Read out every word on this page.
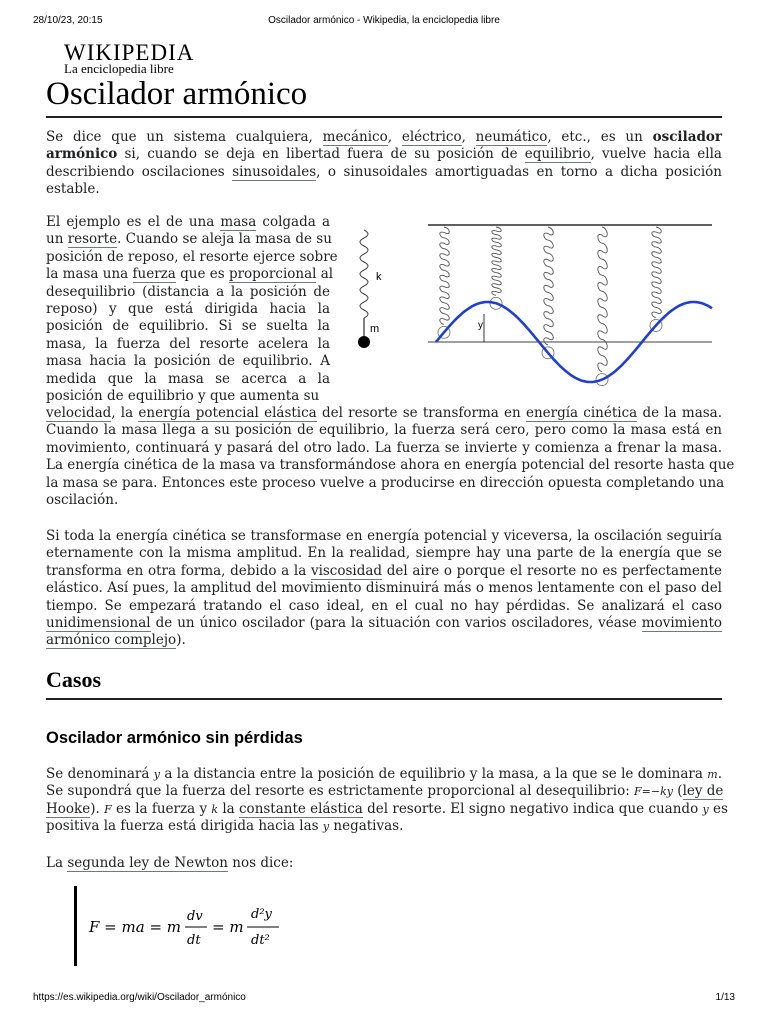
28/10/23, 20:15	Oscilador armónico - Wikipedia, la enciclopedia libre
WIKIPEDIA
La enciclopedia libre
Oscilador armónico
Se dice que un sistema cualquiera, mecánico, eléctrico, neumático, etc., es un oscilador
armónico si, cuando se deja en libertad fuera de su posición de equilibrio, vuelve hacia ella
describiendo oscilaciones sinusoidales, o sinusoidales amortiguadas en torno a dicha posición
estable.
El ejemplo es el de una masa colgada a
un resorte. Cuando se aleja la masa de su
posición de reposo, el resorte ejerce sobre
la masa una fuerza que es proporcional al
desequilibrio (distancia a la posición de
reposo) y que está dirigida hacia la
posición de equilibrio. Si se suelta la
masa, la fuerza del resorte acelera la
masa hacia la posición de equilibrio. A
medida que la masa se acerca a la
posición de equilibrio y que aumenta su
velocidad, la energía potencial elástica del resorte se transforma en energía cinética de la masa.
Cuando la masa llega a su posición de equilibrio, la fuerza será cero, pero como la masa está en
movimiento, continuará y pasará del otro lado. La fuerza se invierte y comienza a frenar la masa.
La energía cinética de la masa va transformándose ahora en energía potencial del resorte hasta que
la masa se para. Entonces este proceso vuelve a producirse en dirección opuesta completando una
oscilación.
k
m	y
Si toda la energía cinética se transformase en energía potencial y viceversa, la oscilación seguiría
eternamente con la misma amplitud. En la realidad, siempre hay una parte de la energía que se
transforma en otra forma, debido a la viscosidad del aire o porque el resorte no es perfectamente
elástico. Así pues, la amplitud del movimiento disminuirá más o menos lentamente con el paso del
tiempo. Se empezará tratando el caso ideal, en el cual no hay pérdidas. Se analizará el caso
unidimensional de un único oscilador (para la situación con varios osciladores, véase movimiento
armónico complejo).
Casos
Oscilador armónico sin pérdidas
Se denominará y a la distancia entre la posición de equilibrio y la masa, a la que se le dominara m.
Se supondrá que la fuerza del resorte es estrictamente proporcional al desequilibrio: F=−ky (ley de
Hooke). F es la fuerza y k la constante elástica del resorte. El signo negativo indica que cuando y es
positiva la fuerza está dirigida hacia las y negativas.
La segunda ley de Newton nos dice:
F = ma = m
dv
dt
= m
d²y
dt²
https://es.wikipedia.org/wiki/Oscilador_armónico	1/13
